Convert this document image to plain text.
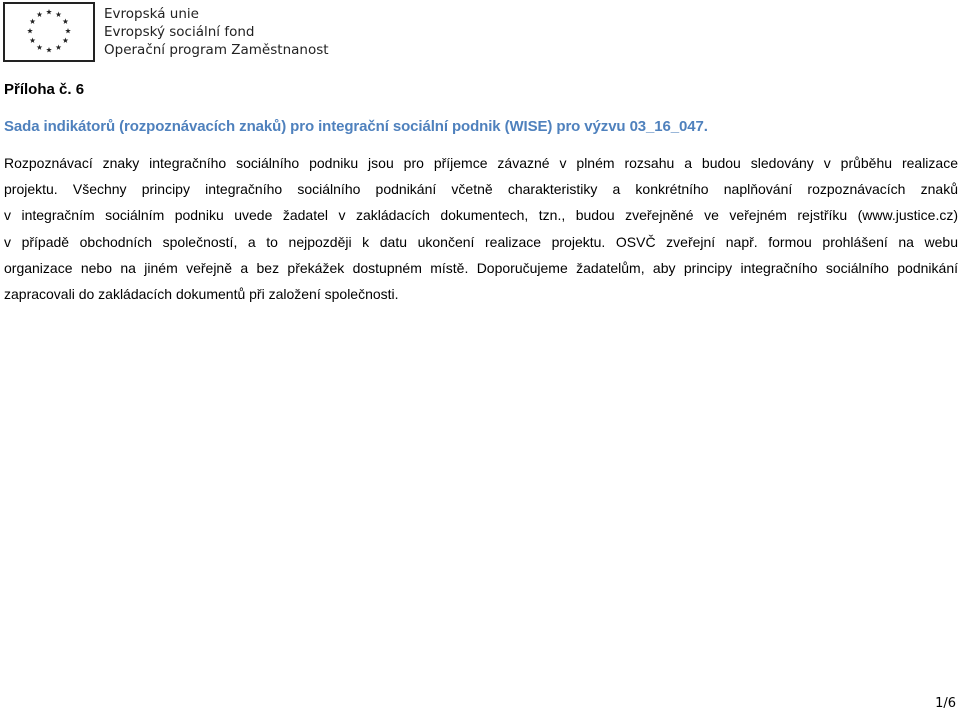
Evropská unie
Evropský sociální fond
Operační program Zaměstnanost
Příloha č. 6
Sada indikátorů (rozpoznávacích znaků) pro integrační sociální podnik (WISE) pro výzvu 03_16_047.
Rozpoznávací znaky integračního sociálního podniku jsou pro příjemce závazné v plném rozsahu a budou sledovány v průběhu realizace
projektu. Všechny principy integračního sociálního podnikání včetně charakteristiky a konkrétního naplňování rozpoznávacích znaků
v integračním sociálním podniku uvede žadatel v zakládacích dokumentech, tzn., budou zveřejněné ve veřejném rejstříku (www.justice.cz)
v případě obchodních společností, a to nejpozději k datu ukončení realizace projektu. OSVČ zveřejní např. formou prohlášení na webu
organizace nebo na jiném veřejně a bez překážek dostupném místě. Doporučujeme žadatelům, aby principy integračního sociálního podnikání
zapracovali do zakládacích dokumentů při založení společnosti.
1/6
